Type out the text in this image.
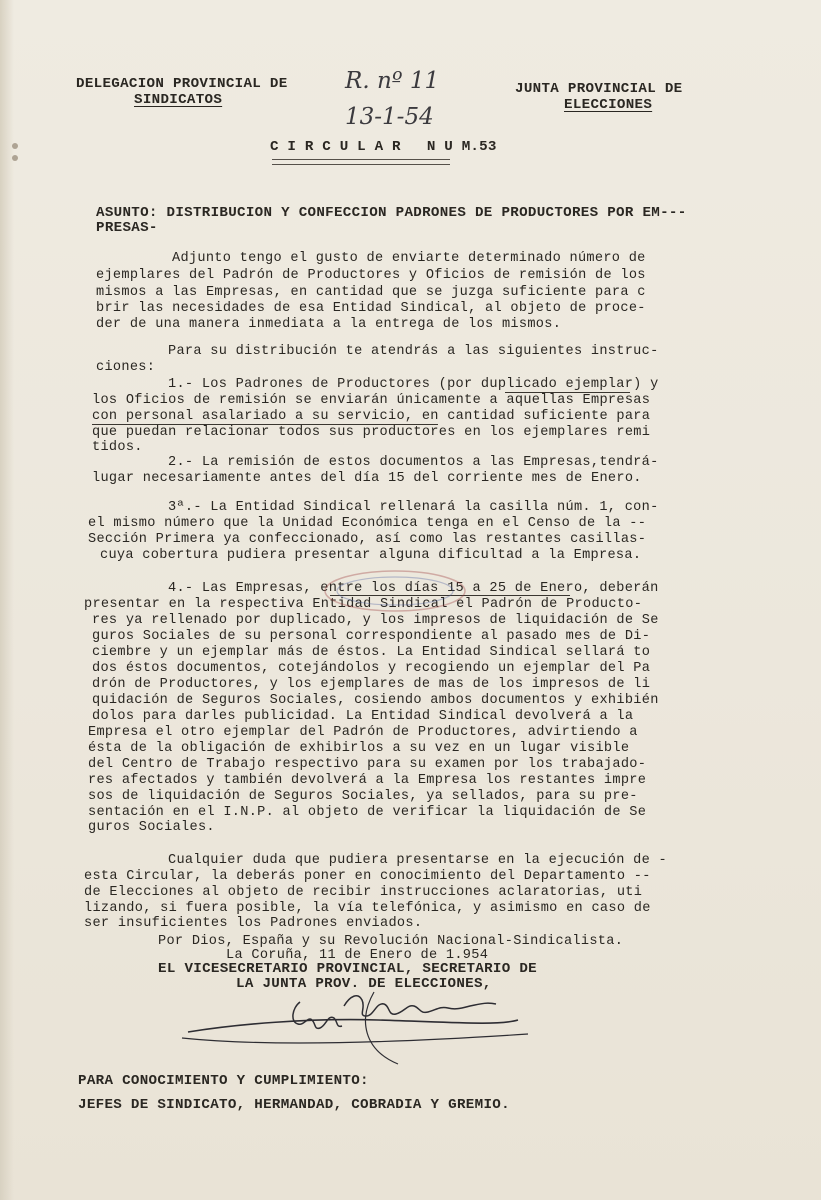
DELEGACION PROVINCIAL DE
SINDICATOS
JUNTA PROVINCIAL DE
ELECCIONES
R. nº 11
13-1-54
C I R C U L A R   N U M.53
ASUNTO: DISTRIBUCION Y CONFECCION PADRONES DE PRODUCTORES POR EM---
PRESAS-
Adjunto tengo el gusto de enviarte determinado número de
ejemplares del Padrón de Productores y Oficios de remisión de los
mismos a las Empresas, en cantidad que se juzga suficiente para c
brir las necesidades de esa Entidad Sindical, al objeto de proce-
der de una manera inmediata a la entrega de los mismos.
Para su distribución te atendrás a las siguientes instruc-
ciones:
1.- Los Padrones de Productores (por duplicado ejemplar) y
los Oficios de remisión se enviarán únicamente a aquellas Empresas
con personal asalariado a su servicio, en cantidad suficiente para
que puedan relacionar todos sus productores en los ejemplares remi
tidos.
2.- La remisión de estos documentos a las Empresas,tendrá-
lugar necesariamente antes del día 15 del corriente mes de Enero.
3ª.- La Entidad Sindical rellenará la casilla núm. 1, con-
el mismo número que la Unidad Económica tenga en el Censo de la --
Sección Primera ya confeccionado, así como las restantes casillas-
cuya cobertura pudiera presentar alguna dificultad a la Empresa.
4.- Las Empresas, entre los días 15 a 25 de Enero, deberán
presentar en la respectiva Entidad Sindical el Padrón de Producto-
res ya rellenado por duplicado, y los impresos de liquidación de Se
guros Sociales de su personal correspondiente al pasado mes de Di-
ciembre y un ejemplar más de éstos. La Entidad Sindical sellará to
dos éstos documentos, cotejándolos y recogiendo un ejemplar del Pa
drón de Productores, y los ejemplares de mas de los impresos de li
quidación de Seguros Sociales, cosiendo ambos documentos y exhibién
dolos para darles publicidad. La Entidad Sindical devolverá a la
Empresa el otro ejemplar del Padrón de Productores, advirtiendo a
ésta de la obligación de exhibirlos a su vez en un lugar visible
del Centro de Trabajo respectivo para su examen por los trabajado-
res afectados y también devolverá a la Empresa los restantes impre
sos de liquidación de Seguros Sociales, ya sellados, para su pre-
sentación en el I.N.P. al objeto de verificar la liquidación de Se
guros Sociales.
Cualquier duda que pudiera presentarse en la ejecución de -
esta Circular, la deberás poner en conocimiento del Departamento --
de Elecciones al objeto de recibir instrucciones aclaratorias, uti
lizando, si fuera posible, la vía telefónica, y asimismo en caso de
ser insuficientes los Padrones enviados.
Por Dios, España y su Revolución Nacional-Sindicalista.
La Coruña, 11 de Enero de 1.954
EL VICESECRETARIO PROVINCIAL, SECRETARIO DE
LA JUNTA PROV. DE ELECCIONES,
PARA CONOCIMIENTO Y CUMPLIMIENTO:
JEFES DE SINDICATO, HERMANDAD, COBRADIA Y GREMIO.
